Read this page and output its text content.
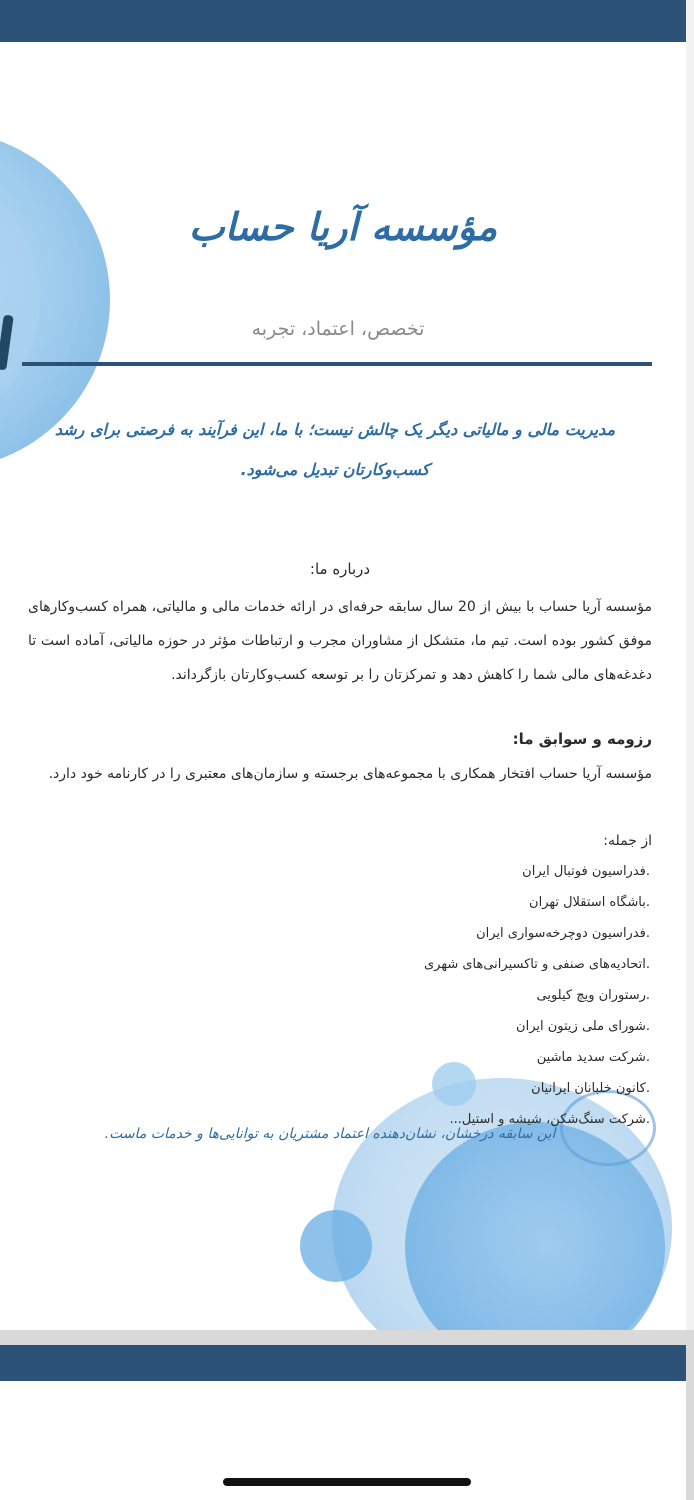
مؤسسه آریا حساب
تخصص، اعتماد، تجربه
مدیریت مالی و مالیاتی دیگر یک چالش نیست؛ با ما، این فرآیند به فرصتی برای رشد کسب‌وکارتان تبدیل می‌شود.
درباره ما:
مؤسسه آریا حساب با بیش از 20 سال سابقه حرفه‌ای در ارائه خدمات مالی و مالیاتی، همراه کسب‌وکارهای موفق کشور بوده است. تیم ما، متشکل از مشاوران مجرب و ارتباطات مؤثر در حوزه مالیاتی، آماده است تا دغدغه‌های مالی شما را کاهش دهد و تمرکزتان را بر توسعه کسب‌وکارتان بازگرداند.
رزومه و سوابق ما:
مؤسسه آریا حساب افتخار همکاری با مجموعه‌های برجسته و سازمان‌های معتبری را در کارنامه خود دارد.
از جمله:
.فدراسیون فوتبال ایران
.باشگاه استقلال تهران
.فدراسیون دوچرخه‌سواری ایران
.اتحادیه‌های صنفی و تاکسیرانی‌های شهری
.رستوران ویچ کیلویی
.شورای ملی زیتون ایران
.شرکت سدید ماشین
.کانون خلبانان ایرانیان
.شرکت سنگ‌شکن، شیشه و استیل...
این سابقه درخشان، نشان‌دهنده اعتماد مشتریان به توانایی‌ها و خدمات ماست.
